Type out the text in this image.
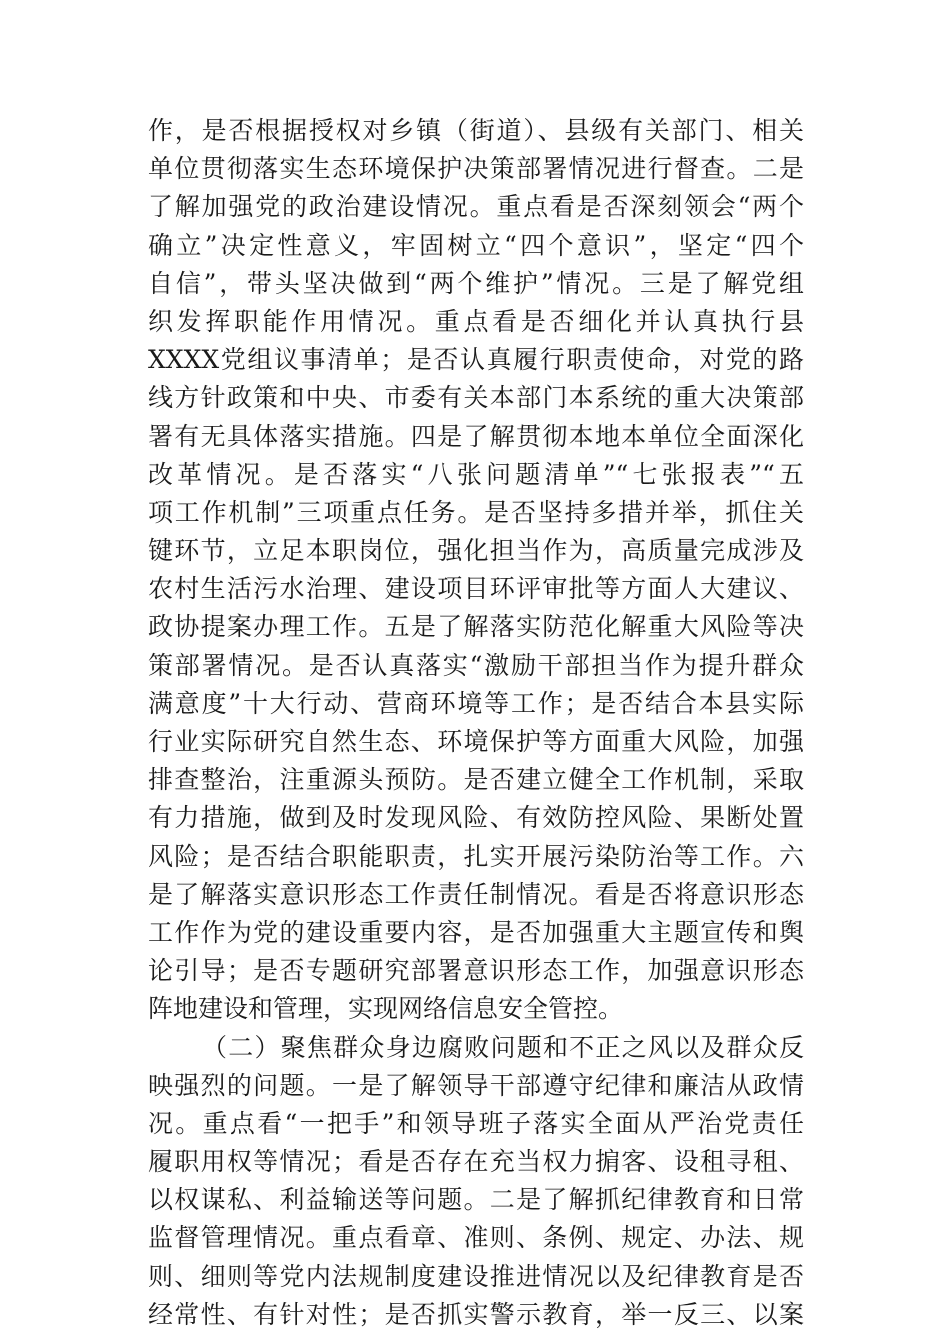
作，是否根据授权对乡镇（街道）、县级有关部门、相关
单位贯彻落实生态环境保护决策部署情况进行督查。二是
了解加强党的政治建设情况。重点看是否深刻领会“两个
确立”决定性意义，牢固树立“四个意识”，坚定“四个
自信”，带头坚决做到“两个维护”情况。三是了解党组
织发挥职能作用情况。重点看是否细化并认真执行县
XXXX党组议事清单；是否认真履行职责使命，对党的路
线方针政策和中央、市委有关本部门本系统的重大决策部
署有无具体落实措施。四是了解贯彻本地本单位全面深化
改革情况。是否落实“八张问题清单”“七张报表”“五
项工作机制”三项重点任务。是否坚持多措并举，抓住关
键环节，立足本职岗位，强化担当作为，高质量完成涉及
农村生活污水治理、建设项目环评审批等方面人大建议、
政协提案办理工作。五是了解落实防范化解重大风险等决
策部署情况。是否认真落实“激励干部担当作为提升群众
满意度”十大行动、营商环境等工作；是否结合本县实际
行业实际研究自然生态、环境保护等方面重大风险，加强
排查整治，注重源头预防。是否建立健全工作机制，采取
有力措施，做到及时发现风险、有效防控风险、果断处置
风险；是否结合职能职责，扎实开展污染防治等工作。六
是了解落实意识形态工作责任制情况。看是否将意识形态
工作作为党的建设重要内容，是否加强重大主题宣传和舆
论引导；是否专题研究部署意识形态工作，加强意识形态
阵地建设和管理，实现网络信息安全管控。
（二）聚焦群众身边腐败问题和不正之风以及群众反
映强烈的问题。一是了解领导干部遵守纪律和廉洁从政情
况。重点看“一把手”和领导班子落实全面从严治党责任
履职用权等情况；看是否存在充当权力掮客、设租寻租、
以权谋私、利益输送等问题。二是了解抓纪律教育和日常
监督管理情况。重点看章、准则、条例、规定、办法、规
则、细则等党内法规制度建设推进情况以及纪律教育是否
经常性、有针对性；是否抓实警示教育，举一反三、以案
